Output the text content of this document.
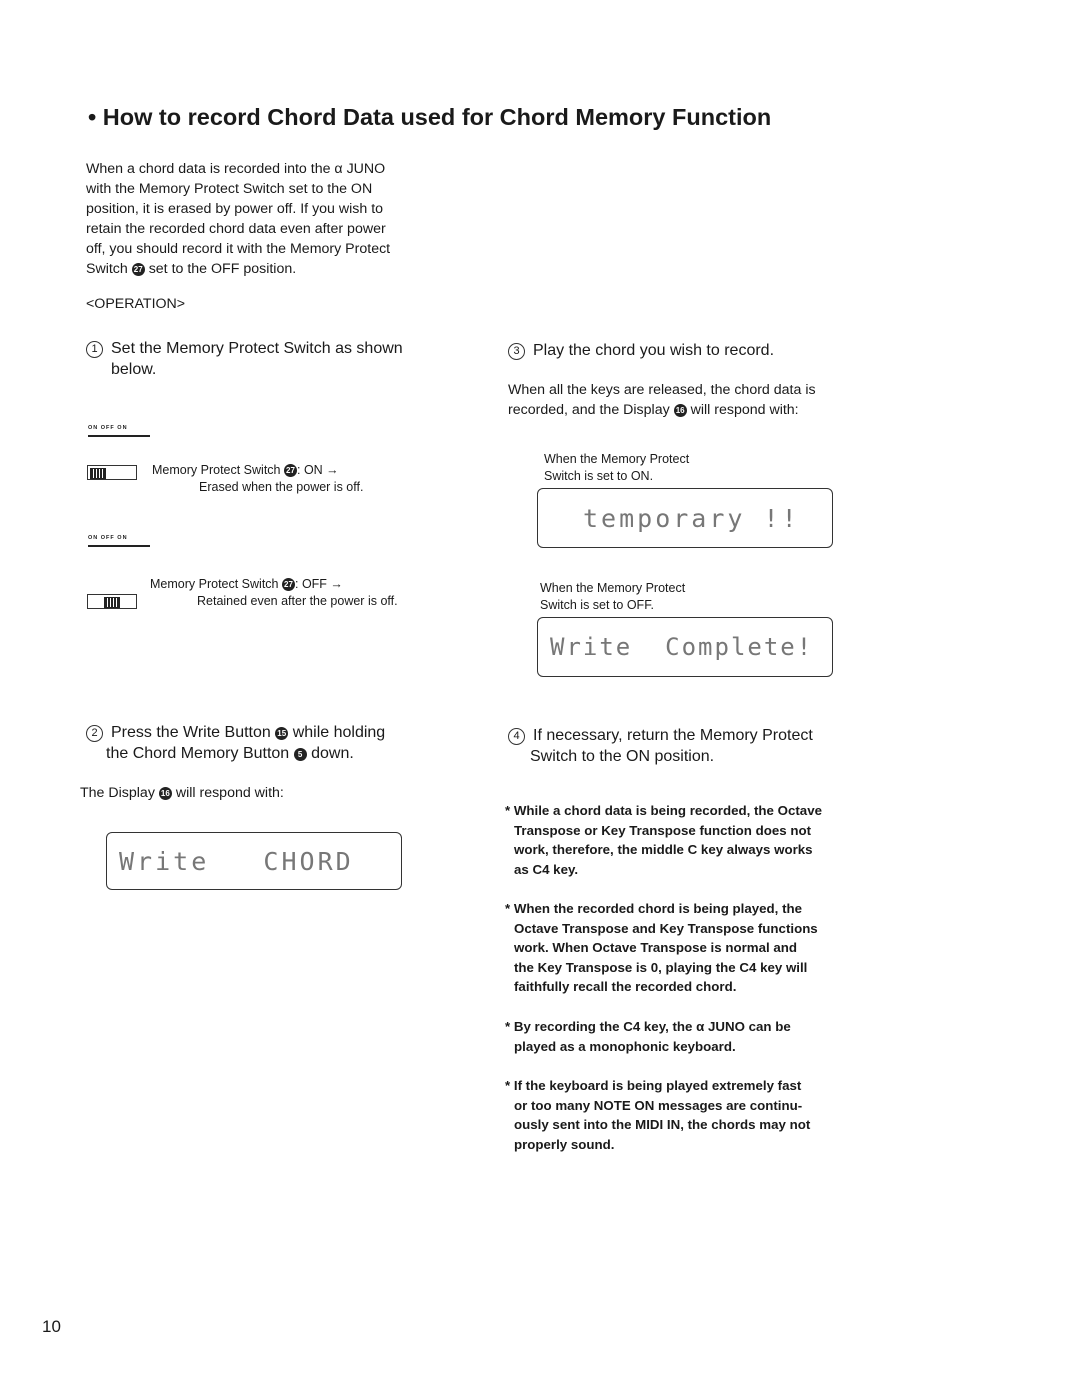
• How to record Chord Data used for Chord Memory Function
When a chord data is recorded into the α JUNO
with the Memory Protect Switch set to the ON
position, it is erased by power off. If you wish to
retain the recorded chord data even after power
off, you should record it with the Memory Protect
Switch 27 set to the OFF position.
<OPERATION>
1 Set the Memory Protect Switch as shown
below.
ON OFF ON
Memory Protect Switch 27 : ON →
Erased when the power is off.
ON OFF ON
Memory Protect Switch 27 : OFF →
Retained even after the power is off.
2 Press the Write Button 15 while holding
the Chord Memory Button 5 down.
The Display 16 will respond with:
Write   CHORD
3 Play the chord you wish to record.
When all the keys are released, the chord data is
recorded, and the Display 16 will respond with:
When the Memory Protect
Switch is set to ON.
temporary !!
When the Memory Protect
Switch is set to OFF.
Write  Complete!
4 If necessary, return the Memory Protect
Switch to the ON position.
* While a chord data is being recorded, the Octave
Transpose or Key Transpose function does not
work, therefore, the middle C key always works
as C4 key.
* When the recorded chord is being played, the
Octave Transpose and Key Transpose functions
work. When Octave Transpose is normal and
the Key Transpose is 0, playing the C4 key will
faithfully recall the recorded chord.
* By recording the C4 key, the α JUNO can be
played as a monophonic keyboard.
* If the keyboard is being played extremely fast
or too many NOTE ON messages are continu-
ously sent into the MIDI IN, the chords may not
properly sound.
10
